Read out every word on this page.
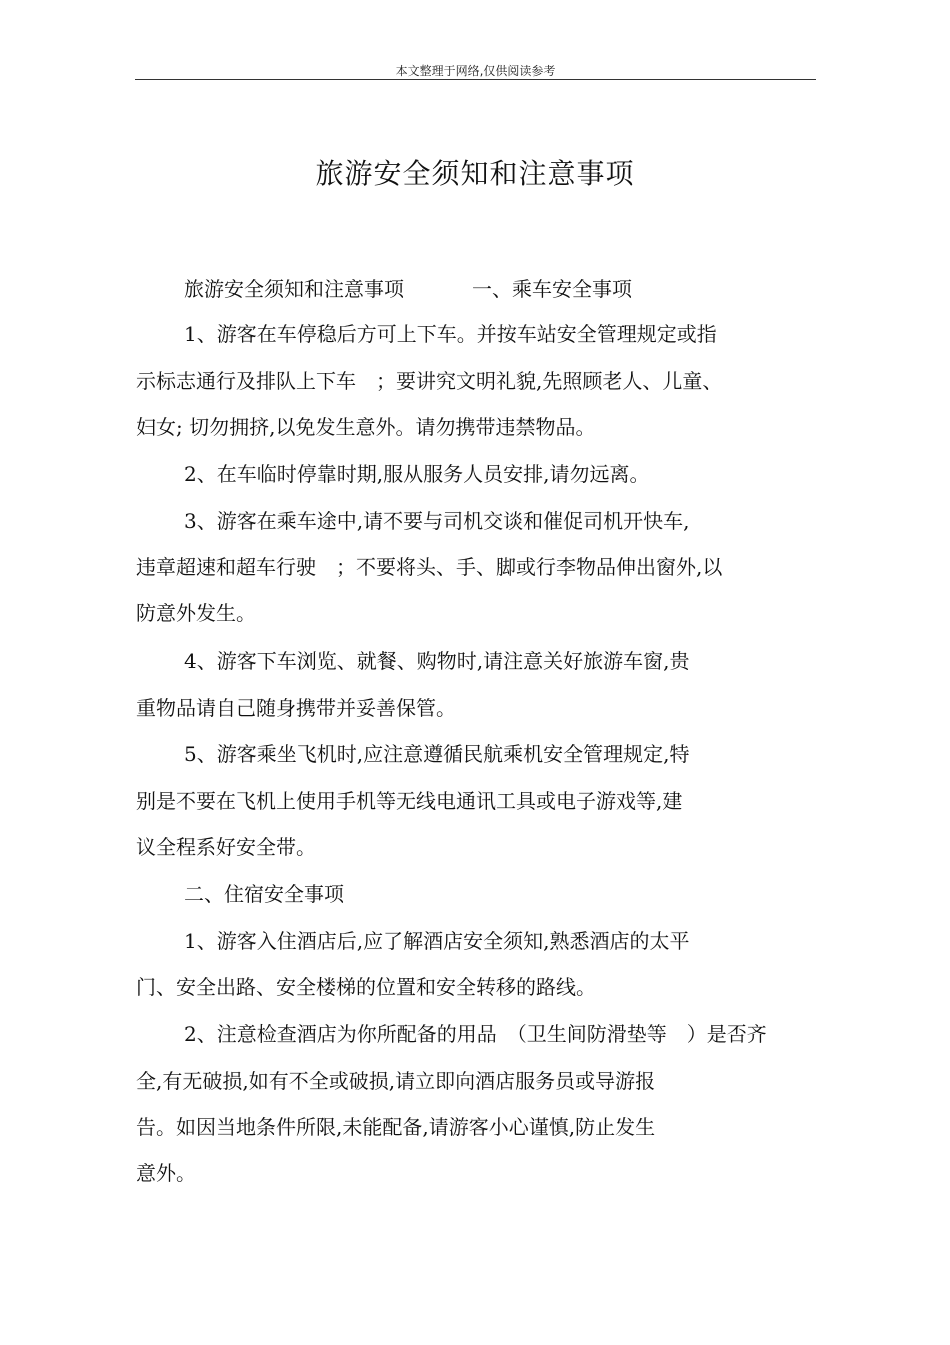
本文整理于网络,仅供阅读参考
旅游安全须知和注意事项
旅游安全须知和注意事项	一、乘车安全事项
1、游客在车停稳后方可上下车。并按车站安全管理规定或指
示标志通行及排队上下车　；要讲究文明礼貌,先照顾老人、儿童、
妇女; 切勿拥挤,以免发生意外。请勿携带违禁物品。
2、在车临时停靠时期,服从服务人员安排,请勿远离。
3、游客在乘车途中,请不要与司机交谈和催促司机开快车,
违章超速和超车行驶　；不要将头、手、脚或行李物品伸出窗外,以
防意外发生。
4、游客下车浏览、就餐、购物时,请注意关好旅游车窗,贵
重物品请自己随身携带并妥善保管。
5、游客乘坐飞机时,应注意遵循民航乘机安全管理规定,特
别是不要在飞机上使用手机等无线电通讯工具或电子游戏等,建
议全程系好安全带。
二、住宿安全事项
1、游客入住酒店后,应了解酒店安全须知,熟悉酒店的太平
门、安全出路、安全楼梯的位置和安全转移的路线。
2、注意检查酒店为你所配备的用品　（卫生间防滑垫等　）是否齐
全,有无破损,如有不全或破损,请立即向酒店服务员或导游报
告。如因当地条件所限,未能配备,请游客小心谨慎,防止发生
意外。
